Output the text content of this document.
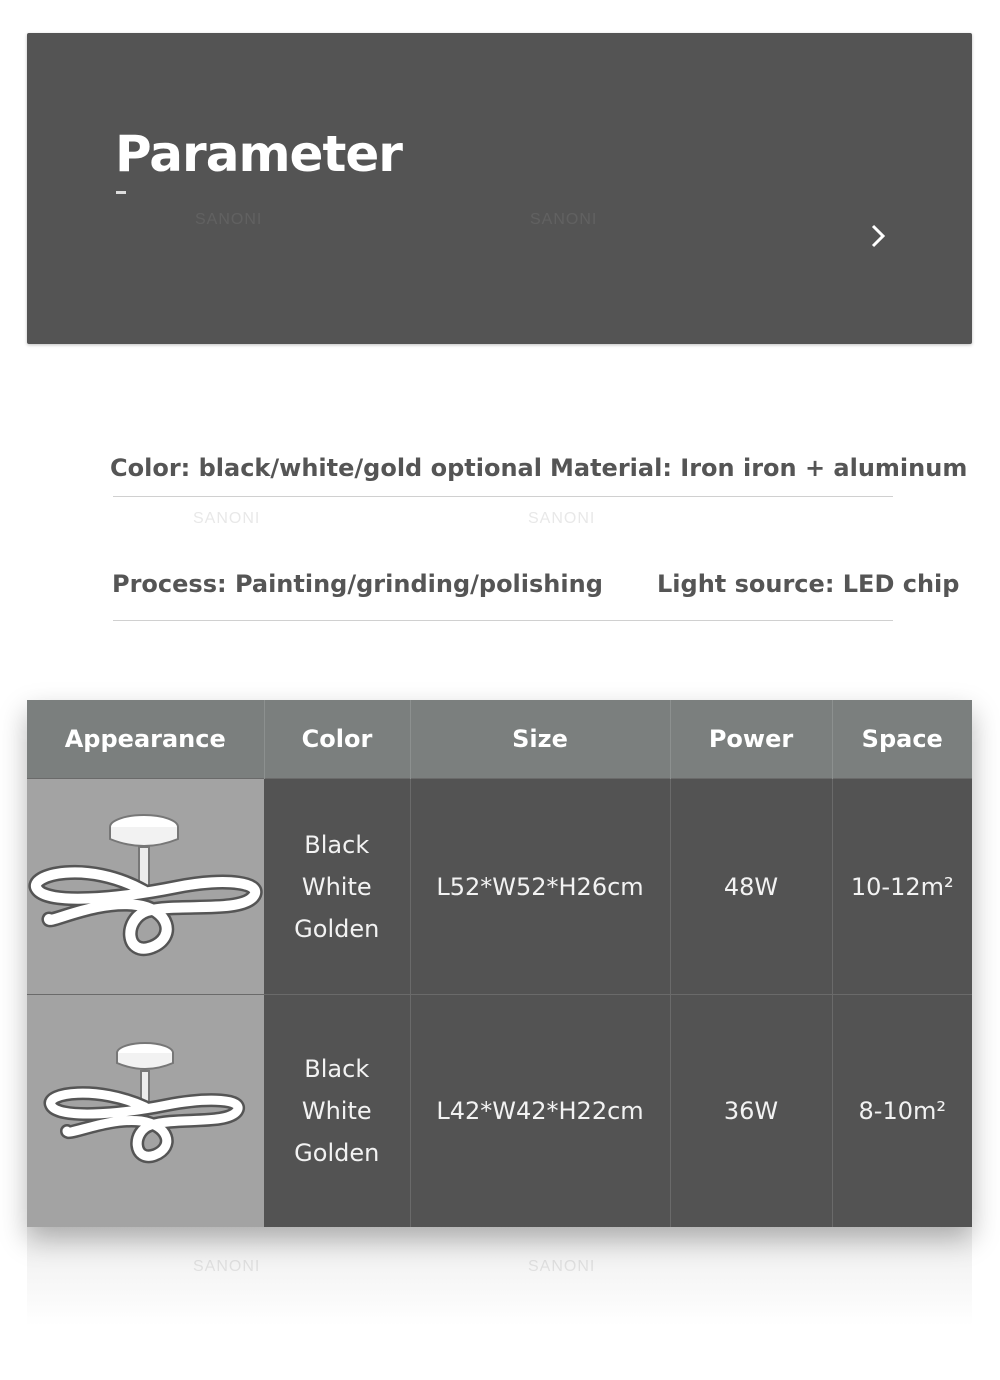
Parameter
SANONI	SANONI
Color: black/white/gold optional Material: Iron iron + aluminum
SANONI	SANONI
Process: Painting/grinding/polishing Light source: LED chip
SANONI	SANONI
Appearance	Color	Size	Power	Space

Black
White
Golden	L52*W52*H26cm	48W	10-12m²

Black
White
Golden	L42*W42*H22cm	36W	8-10m²
